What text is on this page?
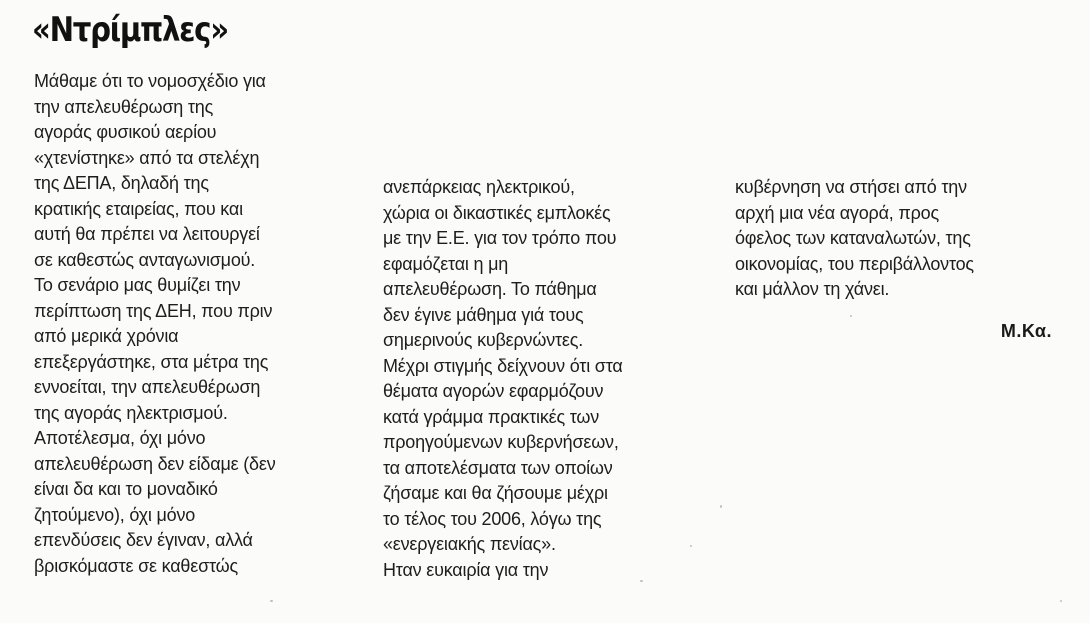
«Ντρίμπλες»
Μάθαμε ότι το νομοσχέδιο για
την απελευθέρωση της
αγοράς φυσικού αερίου
«χτενίστηκε» από τα στελέχη
της ΔΕΠΑ, δηλαδή της
κρατικής εταιρείας, που και
αυτή θα πρέπει να λειτουργεί
σε καθεστώς ανταγωνισμού.
Το σενάριο μας θυμίζει την
περίπτωση της ΔΕΗ, που πριν
από μερικά χρόνια
επεξεργάστηκε, στα μέτρα της
εννοείται, την απελευθέρωση
της αγοράς ηλεκτρισμού.
Αποτέλεσμα, όχι μόνο
απελευθέρωση δεν είδαμε (δεν
είναι δα και το μοναδικό
ζητούμενο), όχι μόνο
επενδύσεις δεν έγιναν, αλλά
βρισκόμαστε σε καθεστώς
ανεπάρκειας ηλεκτρικού,
χώρια οι δικαστικές εμπλοκές
με την Ε.Ε. για τον τρόπο που
εφαμόζεται η μη
απελευθέρωση. Το πάθημα
δεν έγινε μάθημα γιά τους
σημερινούς κυβερνώντες.
Μέχρι στιγμής δείχνουν ότι στα
θέματα αγορών εφαρμόζουν
κατά γράμμα πρακτικές των
προηγούμενων κυβερνήσεων,
τα αποτελέσματα των οποίων
ζήσαμε και θα ζήσουμε μέχρι
το τέλος του 2006, λόγω της
«ενεργειακής πενίας».
Ηταν ευκαιρία για την
κυβέρνηση να στήσει από την
αρχή μια νέα αγορά, προς
όφελος των καταναλωτών, της
οικονομίας, του περιβάλλοντος
και μάλλον τη χάνει.
Μ.Κα.
